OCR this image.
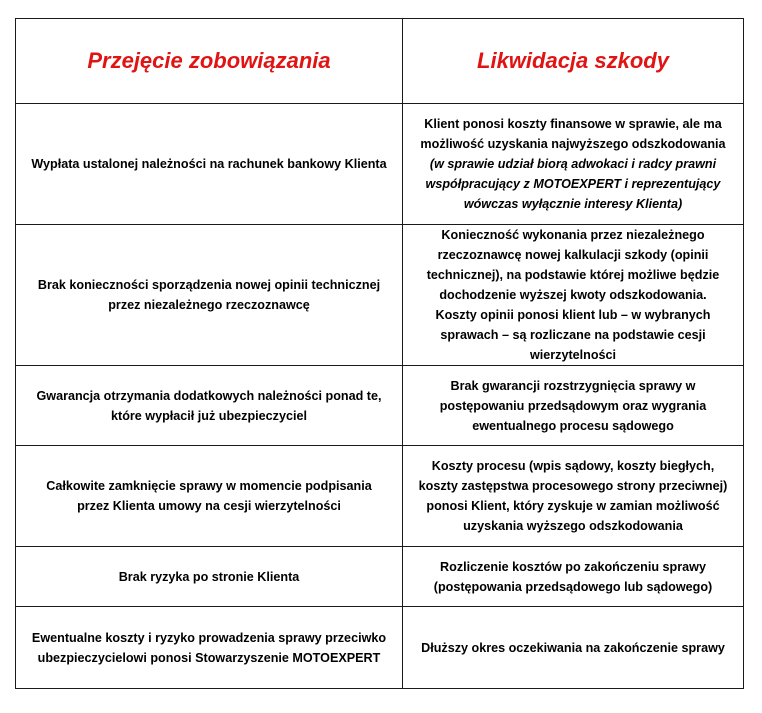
Przejęcie zobowiązania	Likwidacja szkody

Wypłata ustalonej należności na rachunek bankowy Klienta	Klient ponosi koszty finansowe w sprawie, ale ma możliwość uzyskania najwyższego odszkodowania
(w sprawie udział biorą adwokaci i radcy prawni współpracujący z MOTOEXPERT i reprezentujący wówczas wyłącznie interesy Klienta)

Brak konieczności sporządzenia nowej opinii technicznej przez niezależnego rzeczoznawcę	Konieczność wykonania przez niezależnego rzeczoznawcę nowej kalkulacji szkody (opinii technicznej), na podstawie której możliwe będzie dochodzenie wyższej kwoty odszkodowania. Koszty opinii ponosi klient lub – w wybranych sprawach – są rozliczane na podstawie cesji wierzytelności

Gwarancja otrzymania dodatkowych należności ponad te, które wypłacił już ubezpieczyciel	Brak gwarancji rozstrzygnięcia sprawy w postępowaniu przedsądowym oraz wygrania ewentualnego procesu sądowego

Całkowite zamknięcie sprawy w momencie podpisania przez Klienta umowy na cesji wierzytelności	Koszty procesu (wpis sądowy, koszty biegłych, koszty zastępstwa procesowego strony przeciwnej) ponosi Klient, który zyskuje w zamian możliwość uzyskania wyższego odszkodowania

Brak ryzyka po stronie Klienta	Rozliczenie kosztów po zakończeniu sprawy (postępowania przedsądowego lub sądowego)

Ewentualne koszty i ryzyko prowadzenia sprawy przeciwko ubezpieczycielowi ponosi Stowarzyszenie MOTOEXPERT	Dłuższy okres oczekiwania na zakończenie sprawy
